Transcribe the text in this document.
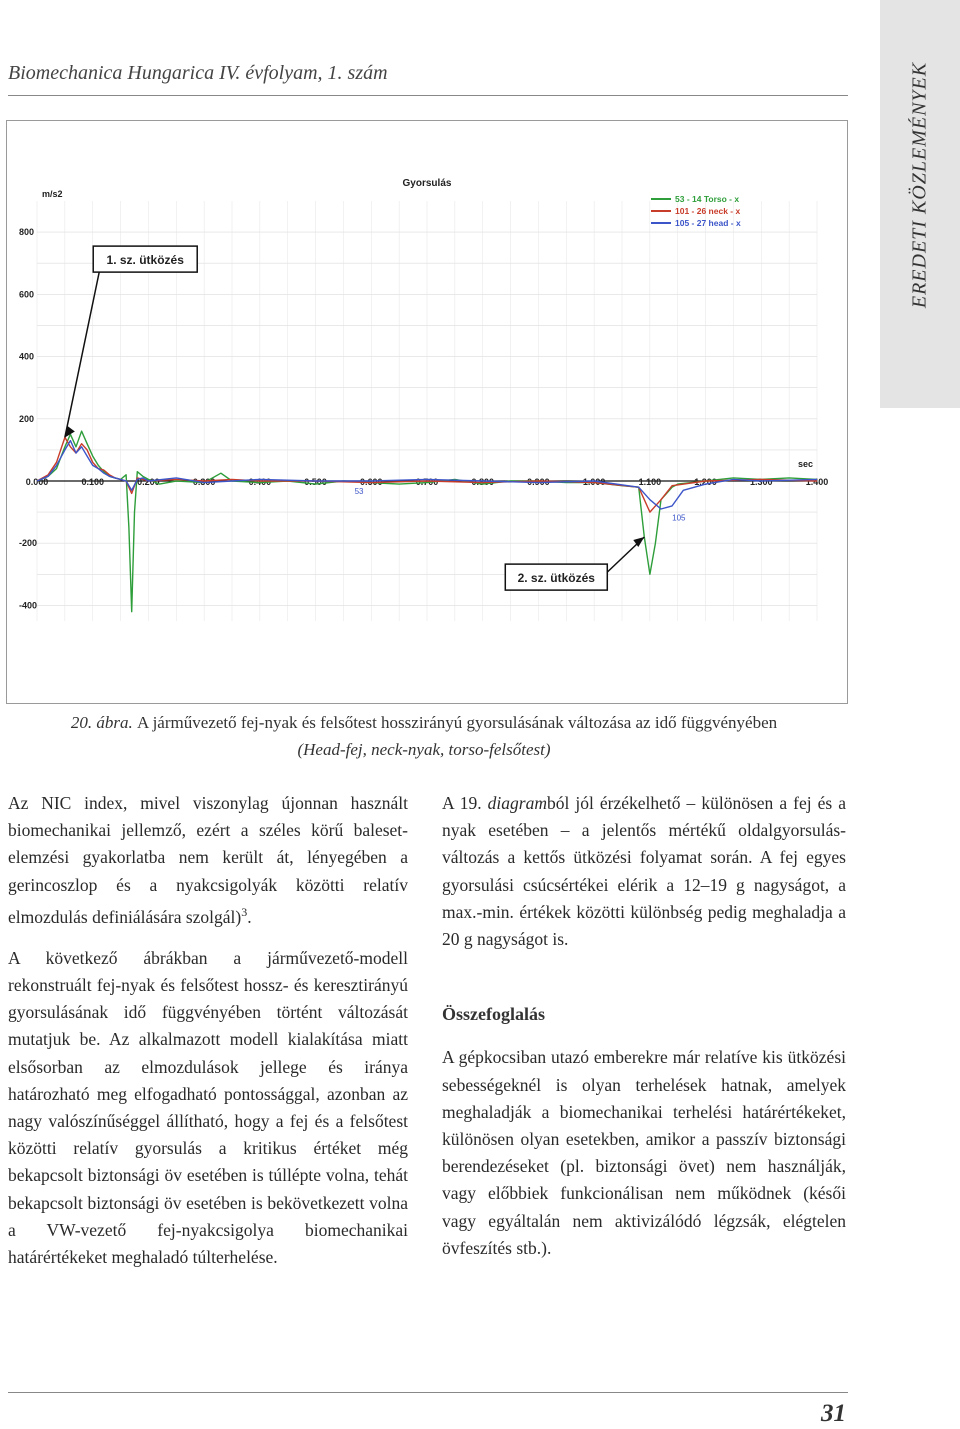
Biomechanica Hungarica IV. évfolyam, 1. szám	EREDETI KÖZLEMÉNYEK
800
600
400
200
-200
-400
0.000	0.100	0.200	0.300	0.400	0.500	0.600	0.700	0.800	0.900	1.000	1.100	1.200	1.300	1.400
m/s2
sec
Gyorsulás
53 - 14 Torso - x
101 - 26 neck - x
105 - 27 head - x
1. sz. ütközés
2. sz. ütközés
53
105
20. ábra. A járművezető fej-nyak és felsőtest hosszirányú gyorsulásának változása az idő függvényében
(Head-fej, neck-nyak, torso-felsőtest)

Az NIC index, mivel viszonylag újonnan használt biomechanikai jellemző, ezért a széles körű baleset-elemzési gyakorlatba nem került át, lényegében a gerincoszlop és a nyakcsigolyák közötti relatív elmozdulás definiálására szolgál)$^3$.

A következő ábrákban a járművezető-modell rekonstruált fej-nyak és felsőtest hossz- és keresztirányú gyorsulásának idő függvényében történt változását mutatjuk be. Az alkalmazott modell kialakítása miatt elsősorban az elmozdulások jellege és iránya határozható meg elfogadható pontossággal, azonban az nagy valószínűséggel állítható, hogy a fej és a felsőtest közötti relatív gyorsulás a kritikus értéket még bekapcsolt biztonsági öv esetében is túllépte volna, tehát bekapcsolt biztonsági öv esetében is bekövetkezett volna a VW-vezető fej-nyakcsigolya biomechanikai határértékeket meghaladó túlterhelése.

A 19. diagramból jól érzékelhető – különösen a fej és a nyak esetében – a jelentős mértékű oldalgyorsulás-változás a kettős ütközési folyamat során. A fej egyes gyorsulási csúcsértékei elérik a 12–19 g nagyságot, a max.-min. értékek közötti különbség pedig meghaladja a 20 g nagyságot is.

Összefoglalás

A gépkocsiban utazó emberekre már relatíve kis ütközési sebességeknél is olyan terhelések hatnak, amelyek meghaladják a biomechanikai terhelési határértékeket, különösen olyan esetekben, amikor a passzív biztonsági berendezéseket (pl. biztonsági övet) nem használják, vagy előbbiek funkcionálisan nem működnek (késői vagy egyáltalán nem aktivizálódó légzsák, elégtelen övfeszítés stb.).

31
